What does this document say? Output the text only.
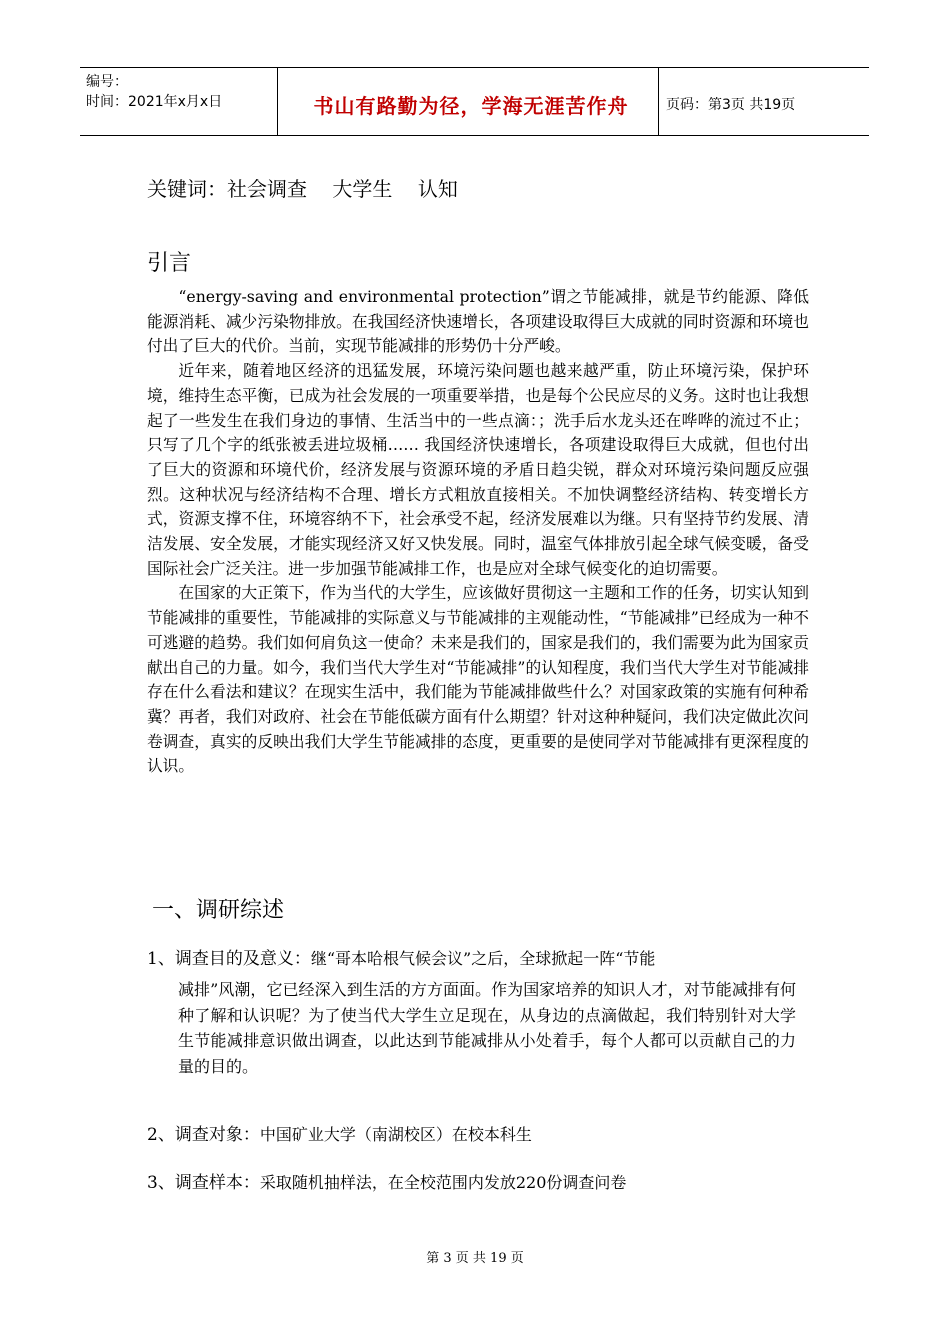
编号：
时间：2021年x月x日	书山有路勤为径，学海无涯苦作舟	页码：第3页 共19页
关键词：社会调查    大学生    认知
引言

“energy-saving and environmental protection”谓之节能减排，就是节约能源、降低能源消耗、减少污染物排放。在我国经济快速增长，各项建设取得巨大成就的同时资源和环境也付出了巨大的代价。当前，实现节能减排的形势仍十分严峻。

近年来，随着地区经济的迅猛发展，环境污染问题也越来越严重，防止环境污染，保护环境，维持生态平衡，已成为社会发展的一项重要举措，也是每个公民应尽的义务。这时也让我想起了一些发生在我们身边的事情、生活当中的一些点滴：；洗手后水龙头还在哗哗的流过不止；只写了几个字的纸张被丢进垃圾桶…… 我国经济快速增长，各项建设取得巨大成就，但也付出了巨大的资源和环境代价，经济发展与资源环境的矛盾日趋尖锐，群众对环境污染问题反应强烈。这种状况与经济结构不合理、增长方式粗放直接相关。不加快调整经济结构、转变增长方式，资源支撑不住，环境容纳不下，社会承受不起，经济发展难以为继。只有坚持节约发展、清洁发展、安全发展，才能实现经济又好又快发展。同时，温室气体排放引起全球气候变暖，备受国际社会广泛关注。进一步加强节能减排工作，也是应对全球气候变化的迫切需要。

在国家的大正策下，作为当代的大学生，应该做好贯彻这一主题和工作的任务，切实认知到节能减排的重要性，节能减排的实际意义与节能减排的主观能动性，“节能减排”已经成为一种不可逃避的趋势。我们如何肩负这一使命？未来是我们的，国家是我们的，我们需要为此为国家贡献出自己的力量。如今，我们当代大学生对“节能减排”的认知程度，我们当代大学生对节能减排存在什么看法和建议？在现实生活中，我们能为节能减排做些什么？对国家政策的实施有何种希冀？再者，我们对政府、社会在节能低碳方面有什么期望？针对这种种疑问，我们决定做此次问卷调查，真实的反映出我们大学生节能减排的态度，更重要的是使同学对节能减排有更深程度的认识。

一、调研综述
1、调查目的及意义：继“哥本哈根气候会议”之后，全球掀起一阵“节能
减排”风潮，它已经深入到生活的方方面面。作为国家培养的知识人才，对节能减排有何种了解和认识呢？为了使当代大学生立足现在，从身边的点滴做起，我们特别针对大学生节能减排意识做出调查，以此达到节能减排从小处着手，每个人都可以贡献自己的力量的目的。
2、调查对象：中国矿业大学（南湖校区）在校本科生
3、调查样本：采取随机抽样法，在全校范围内发放220份调查问卷
第 3 页 共 19 页
